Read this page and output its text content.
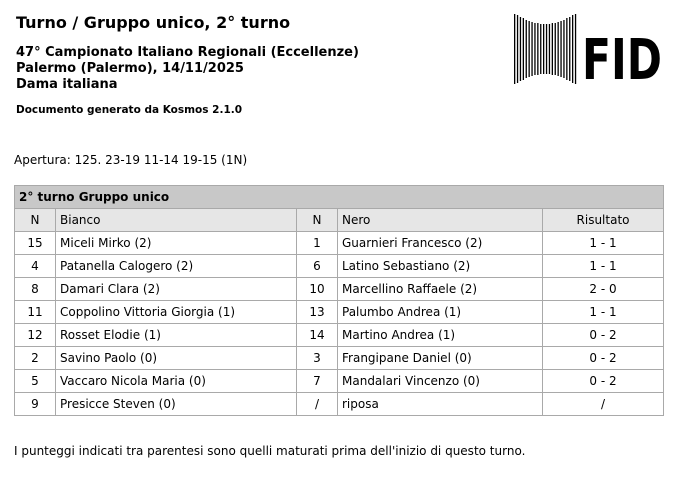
Turno / Gruppo unico, 2° turno
47° Campionato Italiano Regionali (Eccellenze)
Palermo (Palermo), 14/11/2025
Dama italiana
Documento generato da Kosmos 2.1.0
FID
Apertura: 125. 23-19 11-14 19-15 (1N)
2° turno Gruppo unico				
N	Bianco	N	Nero	Risultato
15	Miceli Mirko (2)	1	Guarnieri Francesco (2)	1 - 1
4	Patanella Calogero (2)	6	Latino Sebastiano (2)	1 - 1
8	Damari Clara (2)	10	Marcellino Raffaele (2)	2 - 0
11	Coppolino Vittoria Giorgia (1)	13	Palumbo Andrea (1)	1 - 1
12	Rosset Elodie (1)	14	Martino Andrea (1)	0 - 2
2	Savino Paolo (0)	3	Frangipane Daniel (0)	0 - 2
5	Vaccaro Nicola Maria (0)	7	Mandalari Vincenzo (0)	0 - 2
9	Presicce Steven (0)	/	riposa	/
I punteggi indicati tra parentesi sono quelli maturati prima dell'inizio di questo turno.
